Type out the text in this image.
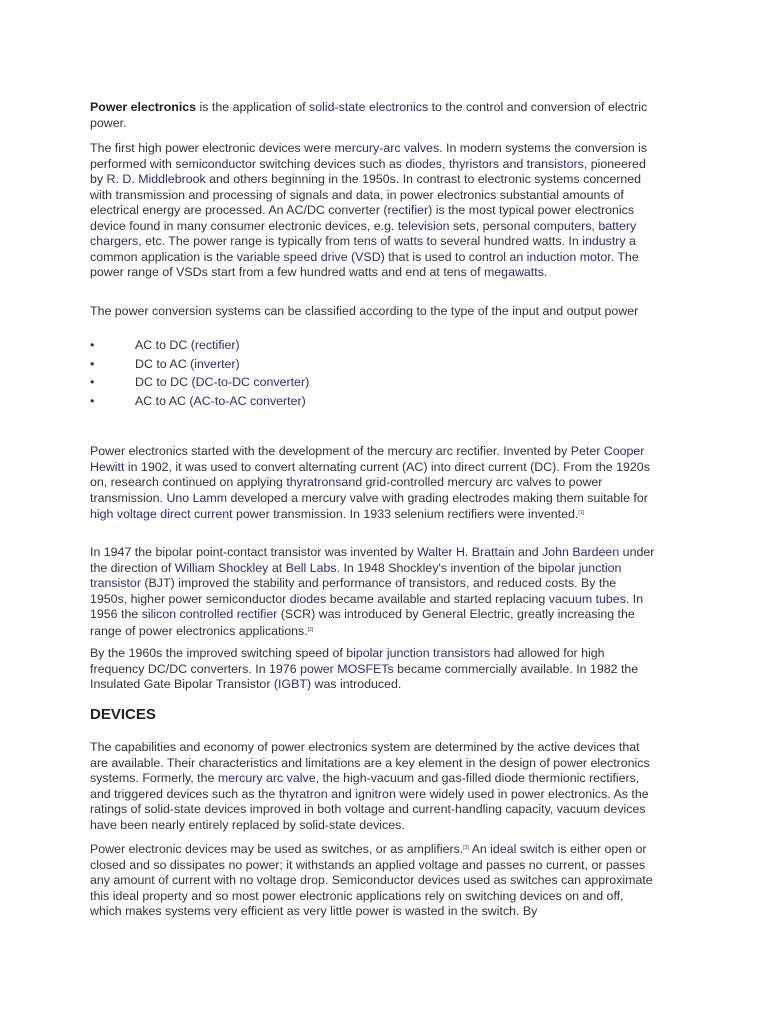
Power electronics is the application of solid-state electronics to the control and conversion of electric power.
The first high power electronic devices were mercury-arc valves. In modern systems the conversion is performed with semiconductor switching devices such as diodes, thyristors and transistors, pioneered by R. D. Middlebrook and others beginning in the 1950s. In contrast to electronic systems concerned with transmission and processing of signals and data, in power electronics substantial amounts of electrical energy are processed. An AC/DC converter (rectifier) is the most typical power electronics device found in many consumer electronic devices, e.g. television sets, personal computers, battery chargers, etc. The power range is typically from tens of watts to several hundred watts. In industry a common application is the variable speed drive (VSD) that is used to control an induction motor. The power range of VSDs start from a few hundred watts and end at tens of megawatts.
The power conversion systems can be classified according to the type of the input and output power
•	AC to DC (rectifier)
•	DC to AC (inverter)
•	DC to DC (DC-to-DC converter)
•	AC to AC (AC-to-AC converter)
Power electronics started with the development of the mercury arc rectifier. Invented by Peter Cooper Hewitt in 1902, it was used to convert alternating current (AC) into direct current (DC). From the 1920s on, research continued on applying thyratronsand grid-controlled mercury arc valves to power transmission. Uno Lamm developed a mercury valve with grading electrodes making them suitable for high voltage direct current power transmission. In 1933 selenium rectifiers were invented.[1]
In 1947 the bipolar point-contact transistor was invented by Walter H. Brattain and John Bardeen under the direction of William Shockley at Bell Labs. In 1948 Shockley's invention of the bipolar junction transistor (BJT) improved the stability and performance of transistors, and reduced costs. By the 1950s, higher power semiconductor diodes became available and started replacing vacuum tubes. In 1956 the silicon controlled rectifier (SCR) was introduced by General Electric, greatly increasing the range of power electronics applications.[2]
By the 1960s the improved switching speed of bipolar junction transistors had allowed for high frequency DC/DC converters. In 1976 power MOSFETs became commercially available. In 1982 the Insulated Gate Bipolar Transistor (IGBT) was introduced.
DEVICES
The capabilities and economy of power electronics system are determined by the active devices that are available. Their characteristics and limitations are a key element in the design of power electronics systems. Formerly, the mercury arc valve, the high-vacuum and gas-filled diode thermionic rectifiers, and triggered devices such as the thyratron and ignitron were widely used in power electronics. As the ratings of solid-state devices improved in both voltage and current-handling capacity, vacuum devices have been nearly entirely replaced by solid-state devices.
Power electronic devices may be used as switches, or as amplifiers.[3] An ideal switch is either open or closed and so dissipates no power; it withstands an applied voltage and passes no current, or passes any amount of current with no voltage drop. Semiconductor devices used as switches can approximate this ideal property and so most power electronic applications rely on switching devices on and off, which makes systems very efficient as very little power is wasted in the switch. By
